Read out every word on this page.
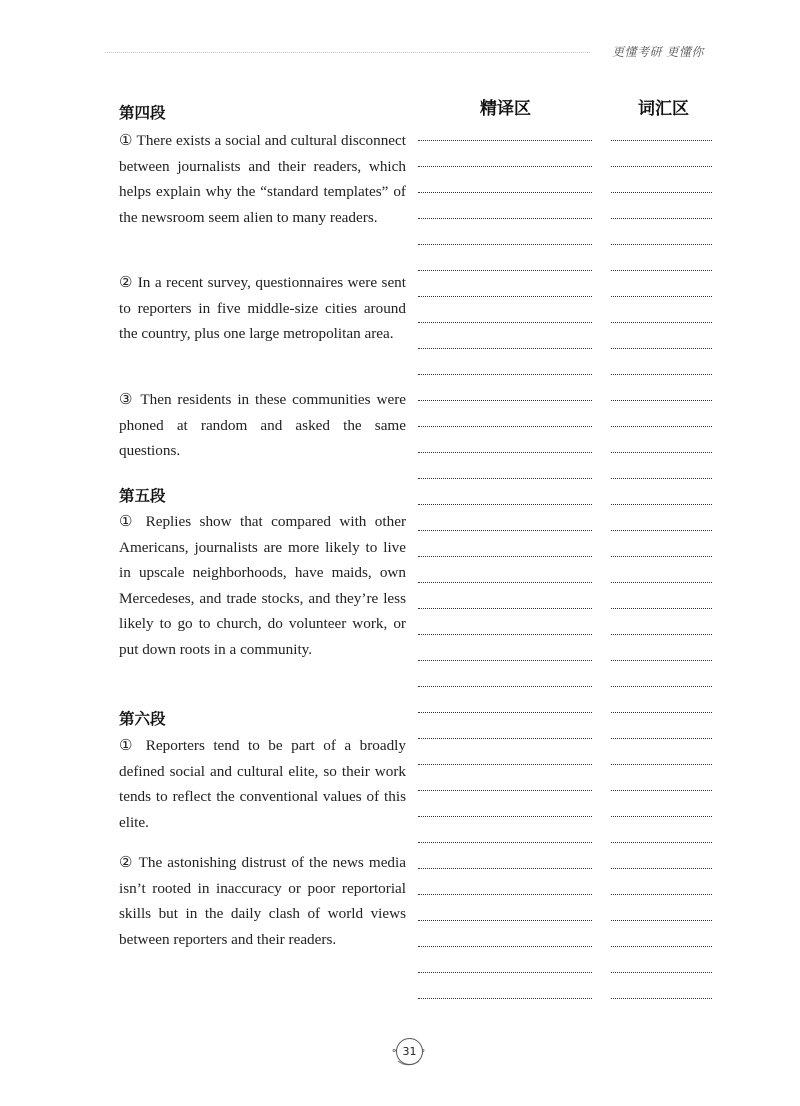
更懂考研 更懂你
精译区	词汇区
第四段
① There exists a social and cultural disconnect between journalists and their readers, which helps explain why the “standard templates” of the newsroom seem alien to many readers.
② In a recent survey, questionnaires were sent to reporters in five middle-size cities around the country, plus one large metropolitan area.
③ Then residents in these communities were phoned at random and asked the same questions.
第五段
① Replies show that compared with other Americans, journalists are more likely to live in upscale neighborhoods, have maids, own Mercedeses, and trade stocks, and they’re less likely to go to church, do volunteer work, or put down roots in a community.
第六段
① Reporters tend to be part of a broadly defined social and cultural elite, so their work tends to reflect the conventional values of this elite.
② The astonishing distrust of the news media isn’t rooted in inaccuracy or poor reportorial skills but in the daily clash of world views between reporters and their readers.
31
